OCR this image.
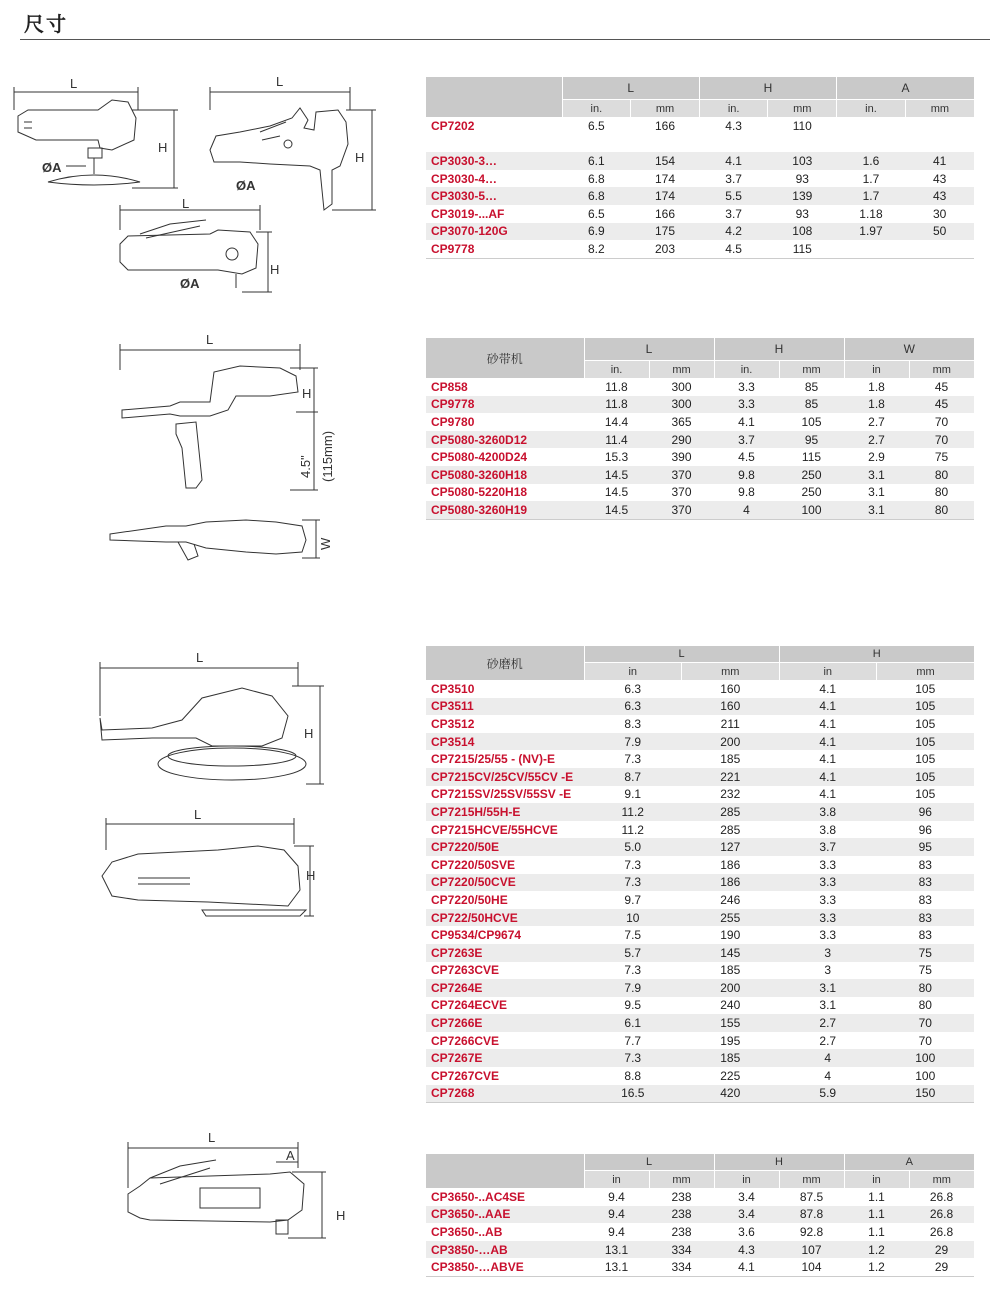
尺寸
L
H
ØA
L
H
ØA
L
H
ØA
L
H
4.5" (115mm)
W
L
H
L
H
L
A
H
	L		H		A	
	in.	mm	in.	mm	in.	mm
CP7202	6.5	166	4.3	110		

CP3030-3…	6.1	154	4.1	103	1.6	41
CP3030-4…	6.8	174	3.7	93	1.7	43
CP3030-5…	6.8	174	5.5	139	1.7	43
CP3019-...AF	6.5	166	3.7	93	1.18	30
CP3070-120G	6.9	175	4.2	108	1.97	50
CP9778	8.2	203	4.5	115		
砂带机	L		H		W	
	in.	mm	in.	mm	in	mm
CP858	11.8	300	3.3	85	1.8	45
CP9778	11.8	300	3.3	85	1.8	45
CP9780	14.4	365	4.1	105	2.7	70
CP5080-3260D12	11.4	290	3.7	95	2.7	70
CP5080-4200D24	15.3	390	4.5	115	2.9	75
CP5080-3260H18	14.5	370	9.8	250	3.1	80
CP5080-5220H18	14.5	370	9.8	250	3.1	80
CP5080-3260H19	14.5	370	4	100	3.1	80
砂磨机	L		H	
	in	mm	in	mm
CP3510	6.3	160	4.1	105
CP3511	6.3	160	4.1	105
CP3512	8.3	211	4.1	105
CP3514	7.9	200	4.1	105
CP7215/25/55 - (NV)-E	7.3	185	4.1	105
CP7215CV/25CV/55CV -E	8.7	221	4.1	105
CP7215SV/25SV/55SV -E	9.1	232	4.1	105
CP7215H/55H-E	11.2	285	3.8	96
CP7215HCVE/55HCVE	11.2	285	3.8	96
CP7220/50E	5.0	127	3.7	95
CP7220/50SVE	7.3	186	3.3	83
CP7220/50CVE	7.3	186	3.3	83
CP7220/50HE	9.7	246	3.3	83
CP722/50HCVE	10	255	3.3	83
CP9534/CP9674	7.5	190	3.3	83
CP7263E	5.7	145	3	75
CP7263CVE	7.3	185	3	75
CP7264E	7.9	200	3.1	80
CP7264ECVE	9.5	240	3.1	80
CP7266E	6.1	155	2.7	70
CP7266CVE	7.7	195	2.7	70
CP7267E	7.3	185	4	100
CP7267CVE	8.8	225	4	100
CP7268	16.5	420	5.9	150
	L		H		A	
	in	mm	in	mm	in	mm
CP3650-..AC4SE	9.4	238	3.4	87.5	1.1	26.8
CP3650-..AAE	9.4	238	3.4	87.8	1.1	26.8
CP3650-..AB	9.4	238	3.6	92.8	1.1	26.8
CP3850-…AB	13.1	334	4.3	107	1.2	29
CP3850-…ABVE	13.1	334	4.1	104	1.2	29
